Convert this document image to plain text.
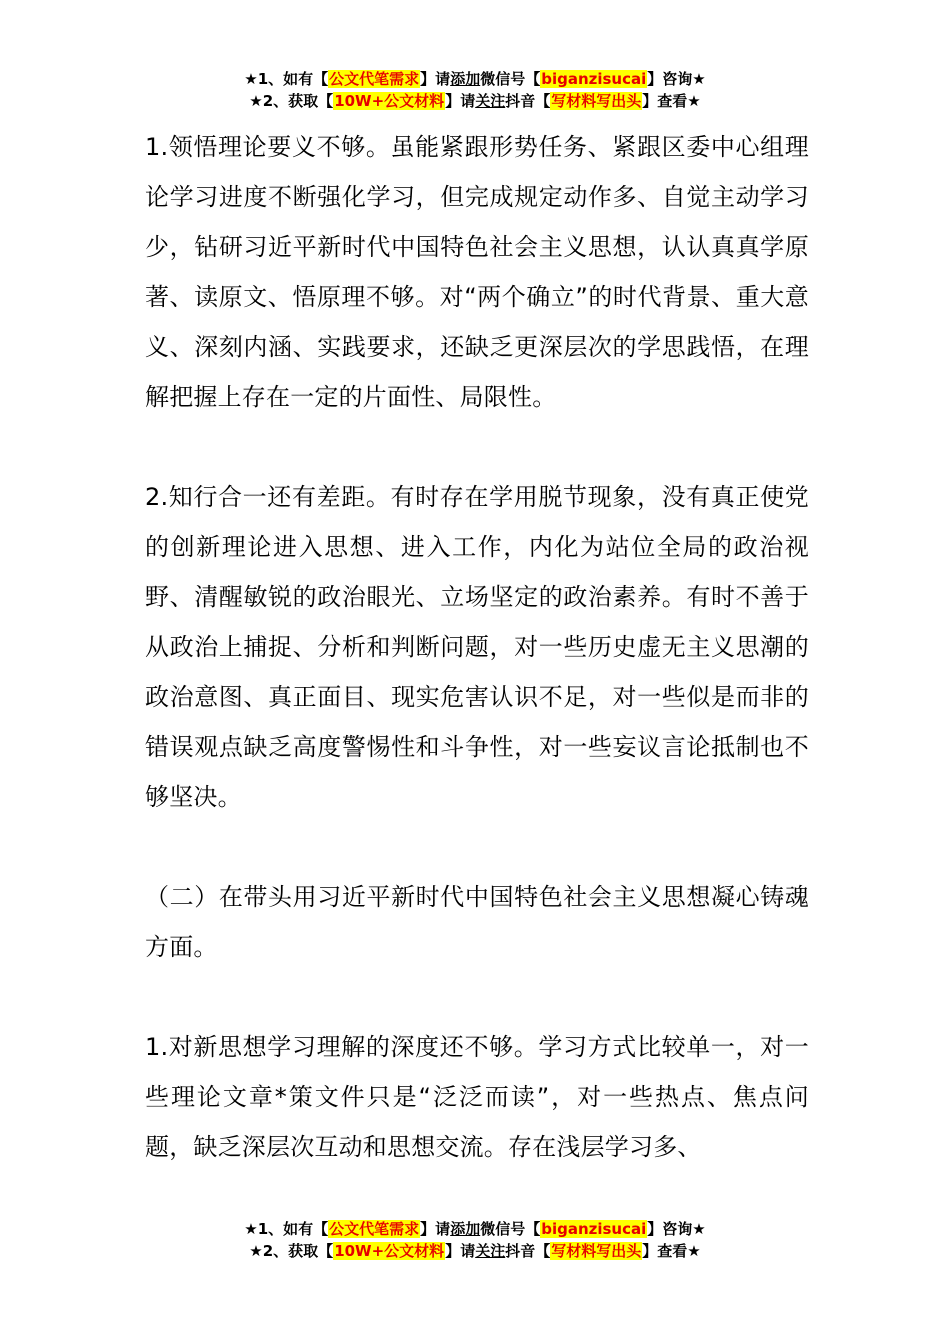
★1、如有【公文代笔需求】请添加微信号【biganzisucai】咨询★
★2、获取【10W+公文材料】请关注抖音【写材料写出头】查看★

1.领悟理论要义不够。虽能紧跟形势任务、紧跟区委中心组理论学习进度不断强化学习，但完成规定动作多、自觉主动学习少，钻研习近平新时代中国特色社会主义思想，认认真真学原著、读原文、悟原理不够。对“两个确立”的时代背景、重大意义、深刻内涵、实践要求，还缺乏更深层次的学思践悟，在理解把握上存在一定的片面性、局限性。

2.知行合一还有差距。有时存在学用脱节现象，没有真正使党的创新理论进入思想、进入工作，内化为站位全局的政治视野、清醒敏锐的政治眼光、立场坚定的政治素养。有时不善于从政治上捕捉、分析和判断问题，对一些历史虚无主义思潮的政治意图、真正面目、现实危害认识不足，对一些似是而非的错误观点缺乏高度警惕性和斗争性，对一些妄议言论抵制也不够坚决。

（二）在带头用习近平新时代中国特色社会主义思想凝心铸魂方面。

1.对新思想学习理解的深度还不够。学习方式比较单一，对一些理论文章*策文件只是“泛泛而读”，对一些热点、焦点问题，缺乏深层次互动和思想交流。存在浅层学习多、

★1、如有【公文代笔需求】请添加微信号【biganzisucai】咨询★
★2、获取【10W+公文材料】请关注抖音【写材料写出头】查看★
